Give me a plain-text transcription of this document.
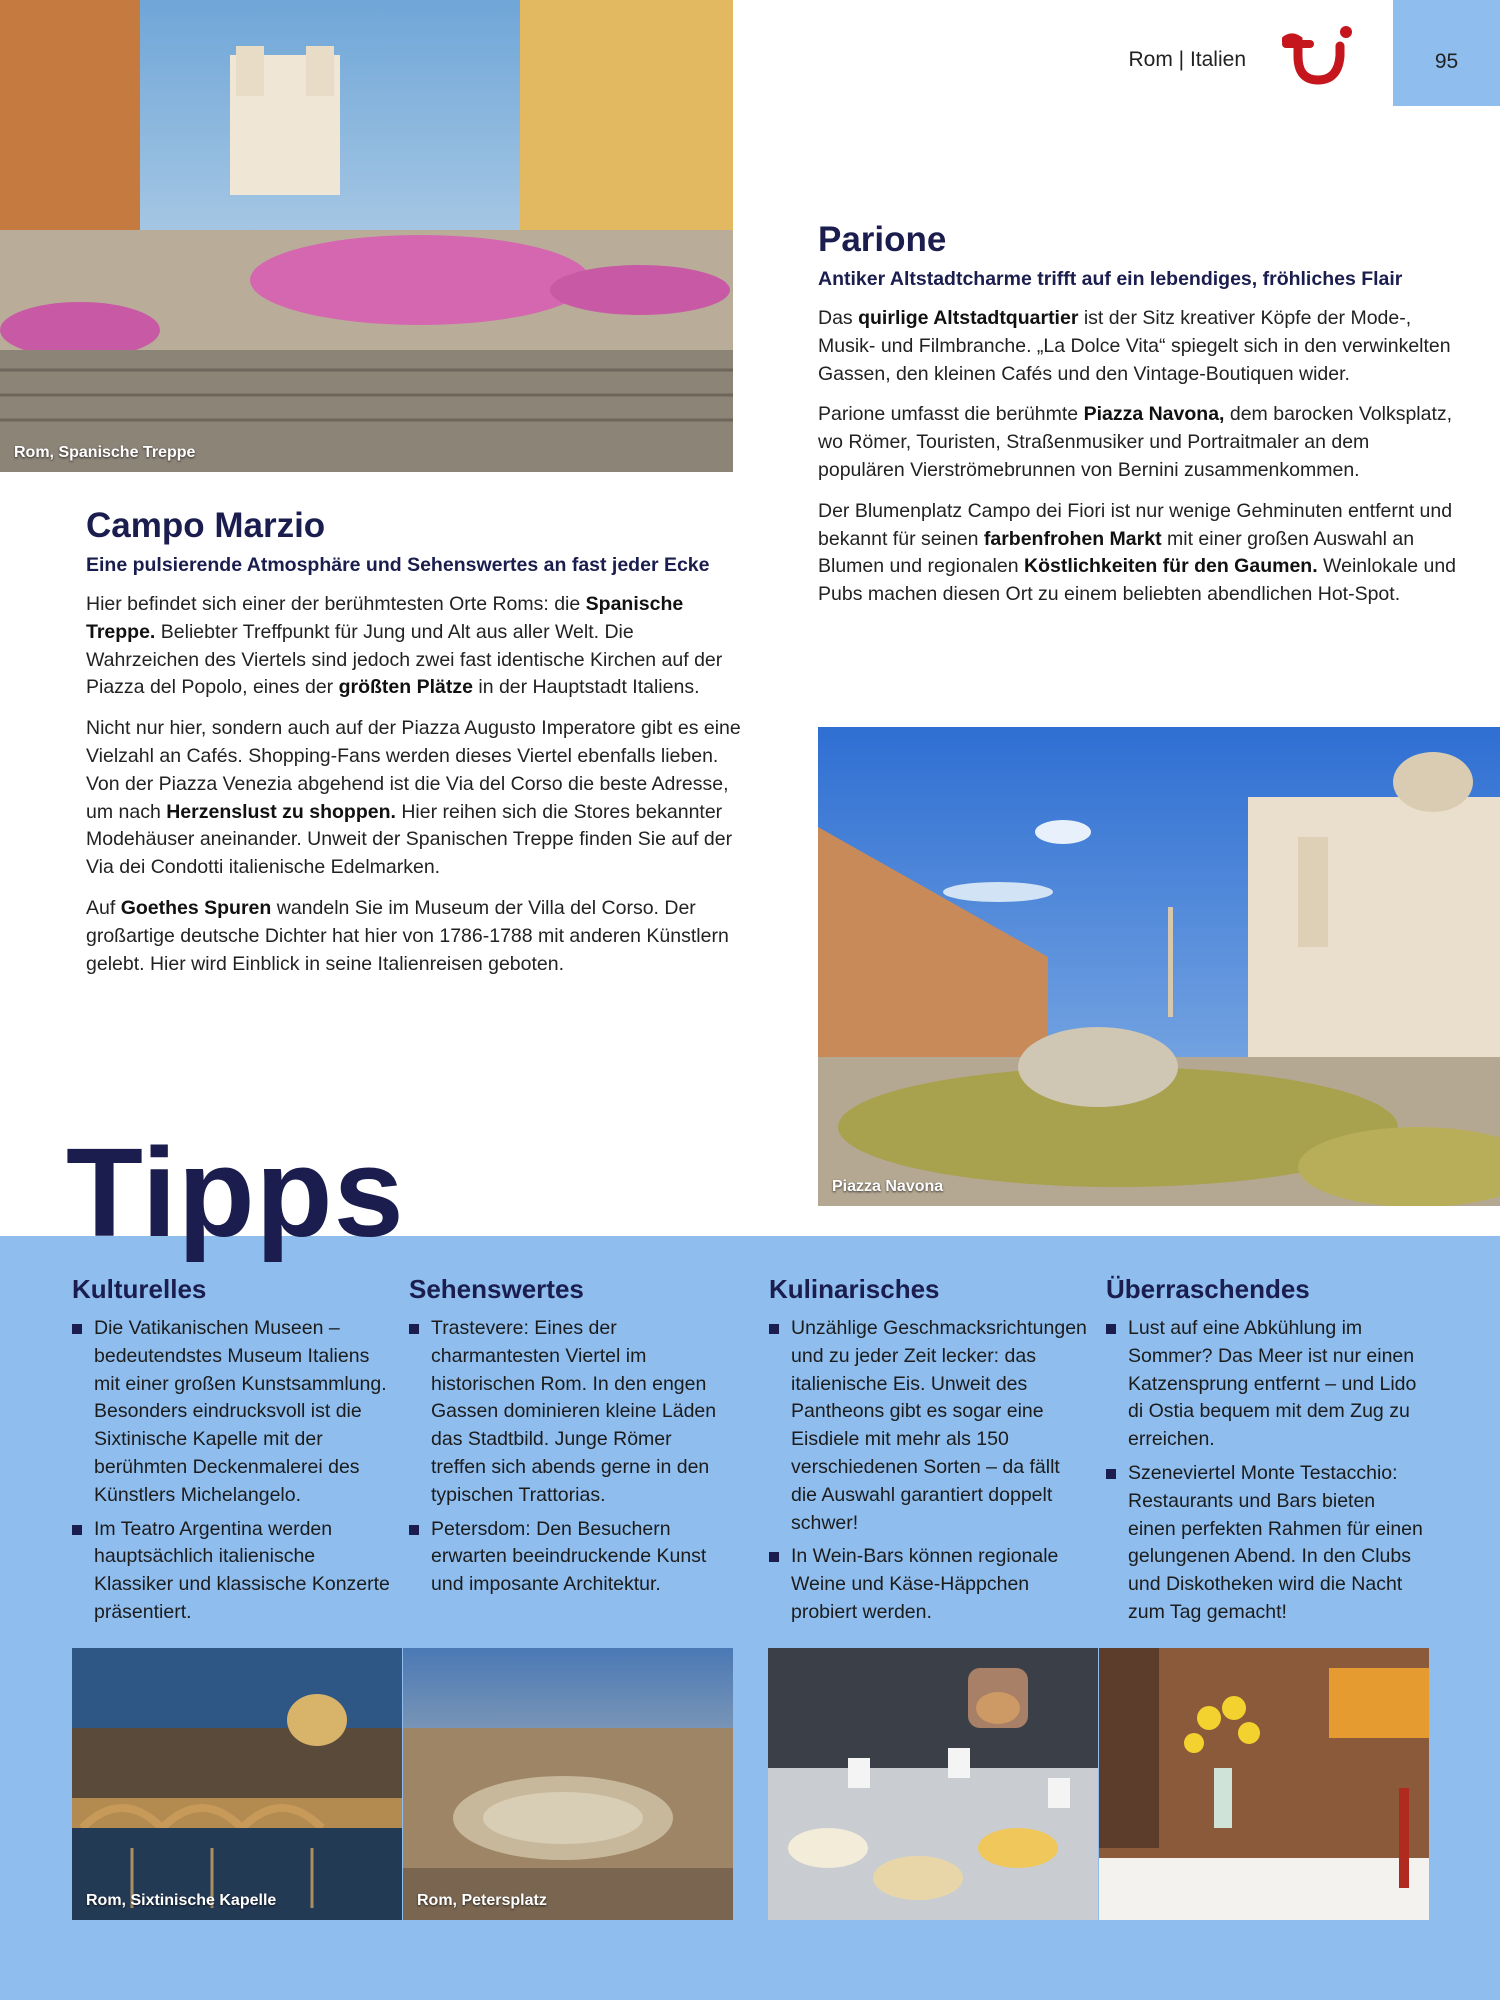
Rom | Italien	95
Rom, Spanische Treppe
Campo Marzio
Eine pulsierende Atmosphäre und Sehenswertes an fast jeder Ecke

Hier befindet sich einer der berühmtesten Orte Roms: die Spanische Treppe. Beliebter Treffpunkt für Jung und Alt aus aller Welt. Die Wahrzeichen des Viertels sind jedoch zwei fast identische Kirchen auf der Piazza del Popolo, eines der größten Plätze in der Hauptstadt Italiens.

Nicht nur hier, sondern auch auf der Piazza Augusto Imperatore gibt es eine Vielzahl an Cafés. Shopping-Fans werden dieses Viertel ebenfalls lieben. Von der Piazza Venezia abgehend ist die Via del Corso die beste Adresse, um nach Herzenslust zu shoppen. Hier reihen sich die Stores bekannter Modehäuser aneinander. Unweit der Spanischen Treppe finden Sie auf der Via dei Condotti italienische Edelmarken.

Auf Goethes Spuren wandeln Sie im Museum der Villa del Corso. Der großartige deutsche Dichter hat hier von 1786-1788 mit anderen Künstlern gelebt. Hier wird Einblick in seine Italienreisen geboten.

Parione
Antiker Altstadtcharme trifft auf ein lebendiges, fröhliches Flair

Das quirlige Altstadtquartier ist der Sitz kreativer Köpfe der Mode-, Musik- und Filmbranche. „La Dolce Vita“ spiegelt sich in den verwinkelten Gassen, den kleinen Cafés und den Vintage-Boutiquen wider.

Parione umfasst die berühmte Piazza Navona, dem barocken Volksplatz, wo Römer, Touristen, Straßenmusiker und Portraitmaler an dem populären Vierströmebrunnen von Bernini zusammenkommen.

Der Blumenplatz Campo dei Fiori ist nur wenige Gehminuten entfernt und bekannt für seinen farbenfrohen Markt mit einer großen Auswahl an Blumen und regionalen Köstlichkeiten für den Gaumen. Weinlokale und Pubs machen diesen Ort zu einem beliebten abendlichen Hot-Spot.

Piazza Navona
Tipps
Kulturelles
Die Vatikanischen Museen – bedeutendstes Museum Italiens mit einer großen Kunstsammlung. Besonders eindrucksvoll ist die Sixtinische Kapelle mit der berühmten Deckenmalerei des Künstlers Michelangelo.
Im Teatro Argentina werden hauptsächlich italienische Klassiker und klassische Konzerte präsentiert.
Sehenswertes
Trastevere: Eines der charmantesten Viertel im historischen Rom. In den engen Gassen dominieren kleine Läden das Stadtbild. Junge Römer treffen sich abends gerne in den typischen Trattorias.
Petersdom: Den Besuchern erwarten beeindruckende Kunst und imposante Architektur.
Kulinarisches
Unzählige Geschmacksrichtungen und zu jeder Zeit lecker: das italienische Eis. Unweit des Pantheons gibt es sogar eine Eisdiele mit mehr als 150 verschiedenen Sorten – da fällt die Auswahl garantiert doppelt schwer!
In Wein-Bars können regionale Weine und Käse-Häppchen probiert werden.
Überraschendes
Lust auf eine Abkühlung im Sommer? Das Meer ist nur einen Katzensprung entfernt – und Lido di Ostia bequem mit dem Zug zu erreichen.
Szeneviertel Monte Testacchio: Restaurants und Bars bieten einen perfekten Rahmen für einen gelungenen Abend. In den Clubs und Diskotheken wird die Nacht zum Tag gemacht!
Rom, Sixtinische Kapelle	Rom, Petersplatz
